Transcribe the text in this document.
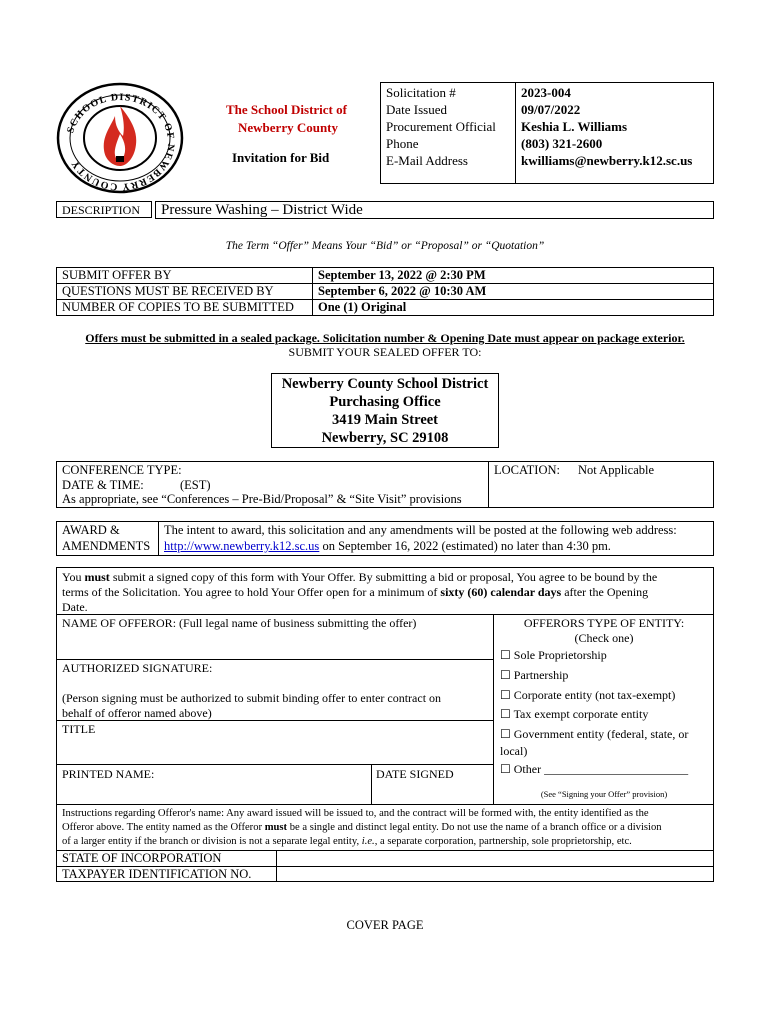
SCHOOL DISTRICT OF NEWBERRY COUNTY
The School District of
Newberry County
Invitation for Bid
Solicitation #
Date Issued
Procurement Official
Phone
E-Mail Address
2023-004
09/07/2022
Keshia L. Williams
(803) 321-2600
kwilliams@newberry.k12.sc.us
DESCRIPTION Pressure Washing – District Wide
The Term “Offer” Means Your “Bid” or “Proposal” or “Quotation”
SUBMIT OFFER BY
QUESTIONS MUST BE RECEIVED BY
NUMBER OF COPIES TO BE SUBMITTED
September 13, 2022 @ 2:30 PM
September 6, 2022 @ 10:30 AM
One (1) Original
Offers must be submitted in a sealed package. Solicitation number & Opening Date must appear on package exterior.
SUBMIT YOUR SEALED OFFER TO:
Newberry County School District
Purchasing Office
3419 Main Street
Newberry, SC 29108
CONFERENCE TYPE:
DATE & TIME:	(EST)
As appropriate, see “Conferences – Pre-Bid/Proposal” & “Site Visit” provisions
LOCATION: Not Applicable
AWARD &
AMENDMENTS
The intent to award, this solicitation and any amendments will be posted at the following web address:
http://www.newberry.k12.sc.us on September 16, 2022 (estimated) no later than 4:30 pm.
You must submit a signed copy of this form with Your Offer. By submitting a bid or proposal, You agree to be bound by the
terms of the Solicitation. You agree to hold Your Offer open for a minimum of sixty (60) calendar days after the Opening
Date.
NAME OF OFFEROR: (Full legal name of business submitting the offer)
AUTHORIZED SIGNATURE:
(Person signing must be authorized to submit binding offer to enter contract on
behalf of offeror named above)
TITLE
PRINTED NAME:	DATE SIGNED
OFFERORS TYPE OF ENTITY:
(Check one)
☐ Sole Proprietorship
☐ Partnership
☐ Corporate entity (not tax-exempt)
☐ Tax exempt corporate entity
☐ Government entity (federal, state, or
local)
☐ Other ________________________
(See “Signing your Offer” provision)
Instructions regarding Offeror's name: Any award issued will be issued to, and the contract will be formed with, the entity identified as the
Offeror above. The entity named as the Offeror must be a single and distinct legal entity. Do not use the name of a branch office or a division
of a larger entity if the branch or division is not a separate legal entity, i.e., a separate corporation, partnership, sole proprietorship, etc.
STATE OF INCORPORATION
TAXPAYER IDENTIFICATION NO.
COVER PAGE
